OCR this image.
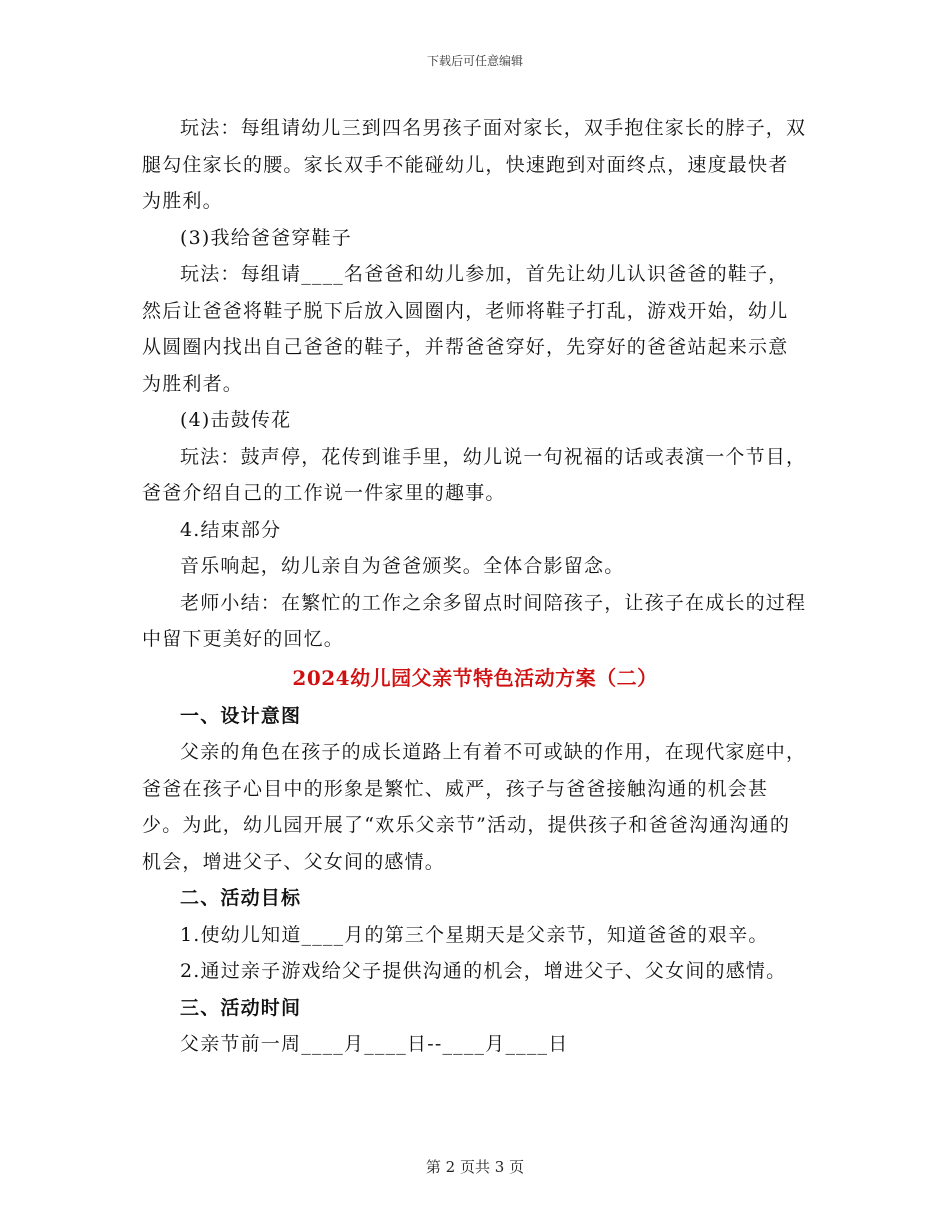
下载后可任意编辑

玩法：每组请幼儿三到四名男孩子面对家长，双手抱住家长的脖子，双腿勾住家长的腰。家长双手不能碰幼儿，快速跑到对面终点，速度最快者为胜利。

(3)我给爸爸穿鞋子

玩法：每组请____名爸爸和幼儿参加，首先让幼儿认识爸爸的鞋子，然后让爸爸将鞋子脱下后放入圆圈内，老师将鞋子打乱，游戏开始，幼儿从圆圈内找出自己爸爸的鞋子，并帮爸爸穿好，先穿好的爸爸站起来示意为胜利者。

(4)击鼓传花

玩法：鼓声停，花传到谁手里，幼儿说一句祝福的话或表演一个节目，爸爸介绍自己的工作说一件家里的趣事。

4.结束部分

音乐响起，幼儿亲自为爸爸颁奖。全体合影留念。

老师小结：在繁忙的工作之余多留点时间陪孩子，让孩子在成长的过程中留下更美好的回忆。

2024幼儿园父亲节特色活动方案（二）

一、设计意图

父亲的角色在孩子的成长道路上有着不可或缺的作用，在现代家庭中，爸爸在孩子心目中的形象是繁忙、威严，孩子与爸爸接触沟通的机会甚少。为此，幼儿园开展了“欢乐父亲节”活动，提供孩子和爸爸沟通沟通的机会，增进父子、父女间的感情。

二、活动目标

1.使幼儿知道____月的第三个星期天是父亲节，知道爸爸的艰辛。

2.通过亲子游戏给父子提供沟通的机会，增进父子、父女间的感情。

三、活动时间

父亲节前一周____月____日--____月____日

第 2 页共 3 页
